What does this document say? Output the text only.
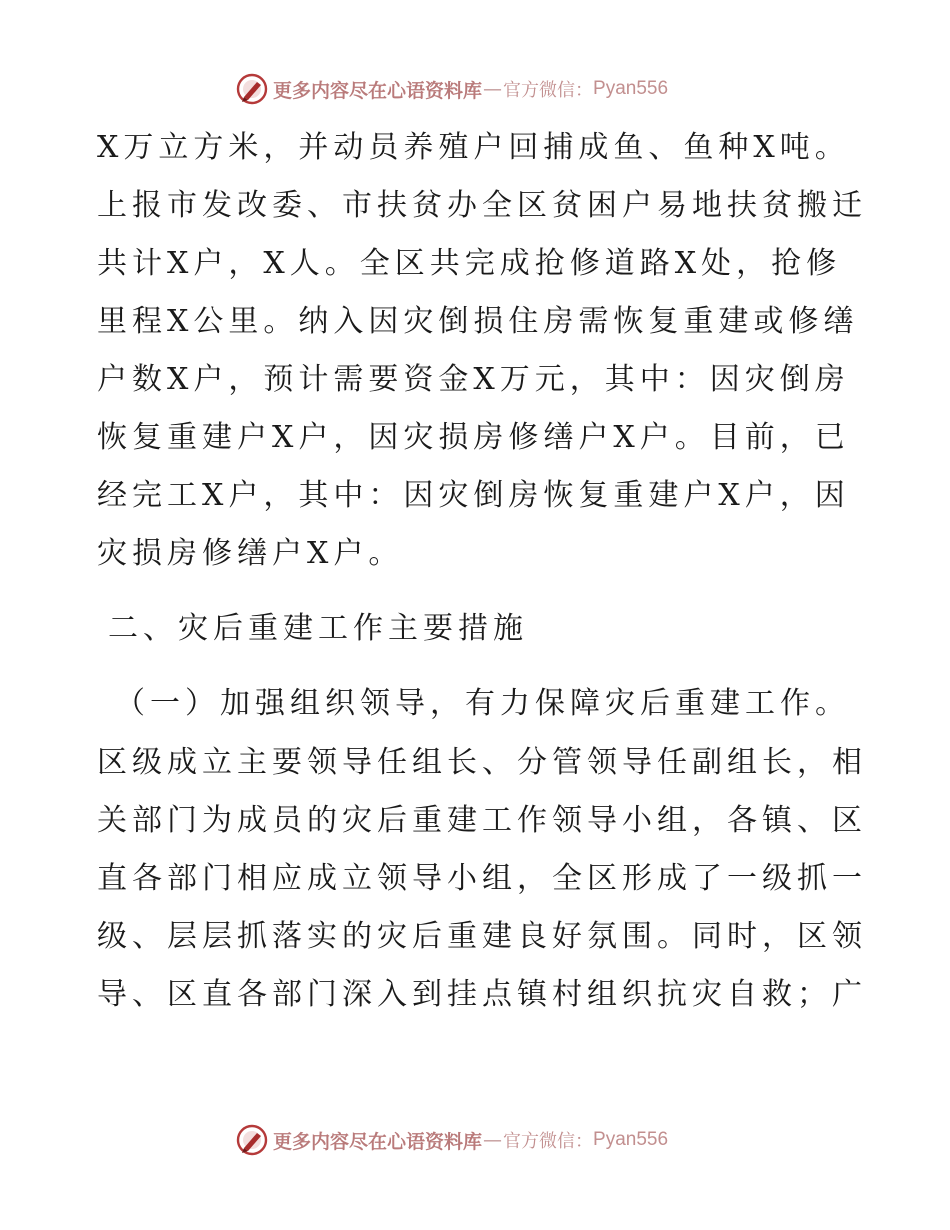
更多内容尽在心语资料库 — 官方微信： Pyan556
X万立方米，并动员养殖户回捕成鱼、鱼种X吨。
上报市发改委、市扶贫办全区贫困户易地扶贫搬迁
共计X户，X人。全区共完成抢修道路X处，抢修
里程X公里。纳入因灾倒损住房需恢复重建或修缮
户数X户，预计需要资金X万元，其中：因灾倒房
恢复重建户X户，因灾损房修缮户X户。目前，已
经完工X户，其中：因灾倒房恢复重建户X户，因
灾损房修缮户X户。
二、灾后重建工作主要措施
（一）加强组织领导，有力保障灾后重建工作。
区级成立主要领导任组长、分管领导任副组长，相
关部门为成员的灾后重建工作领导小组，各镇、区
直各部门相应成立领导小组，全区形成了一级抓一
级、层层抓落实的灾后重建良好氛围。同时，区领
导、区直各部门深入到挂点镇村组织抗灾自救；广
更多内容尽在心语资料库 — 官方微信： Pyan556
